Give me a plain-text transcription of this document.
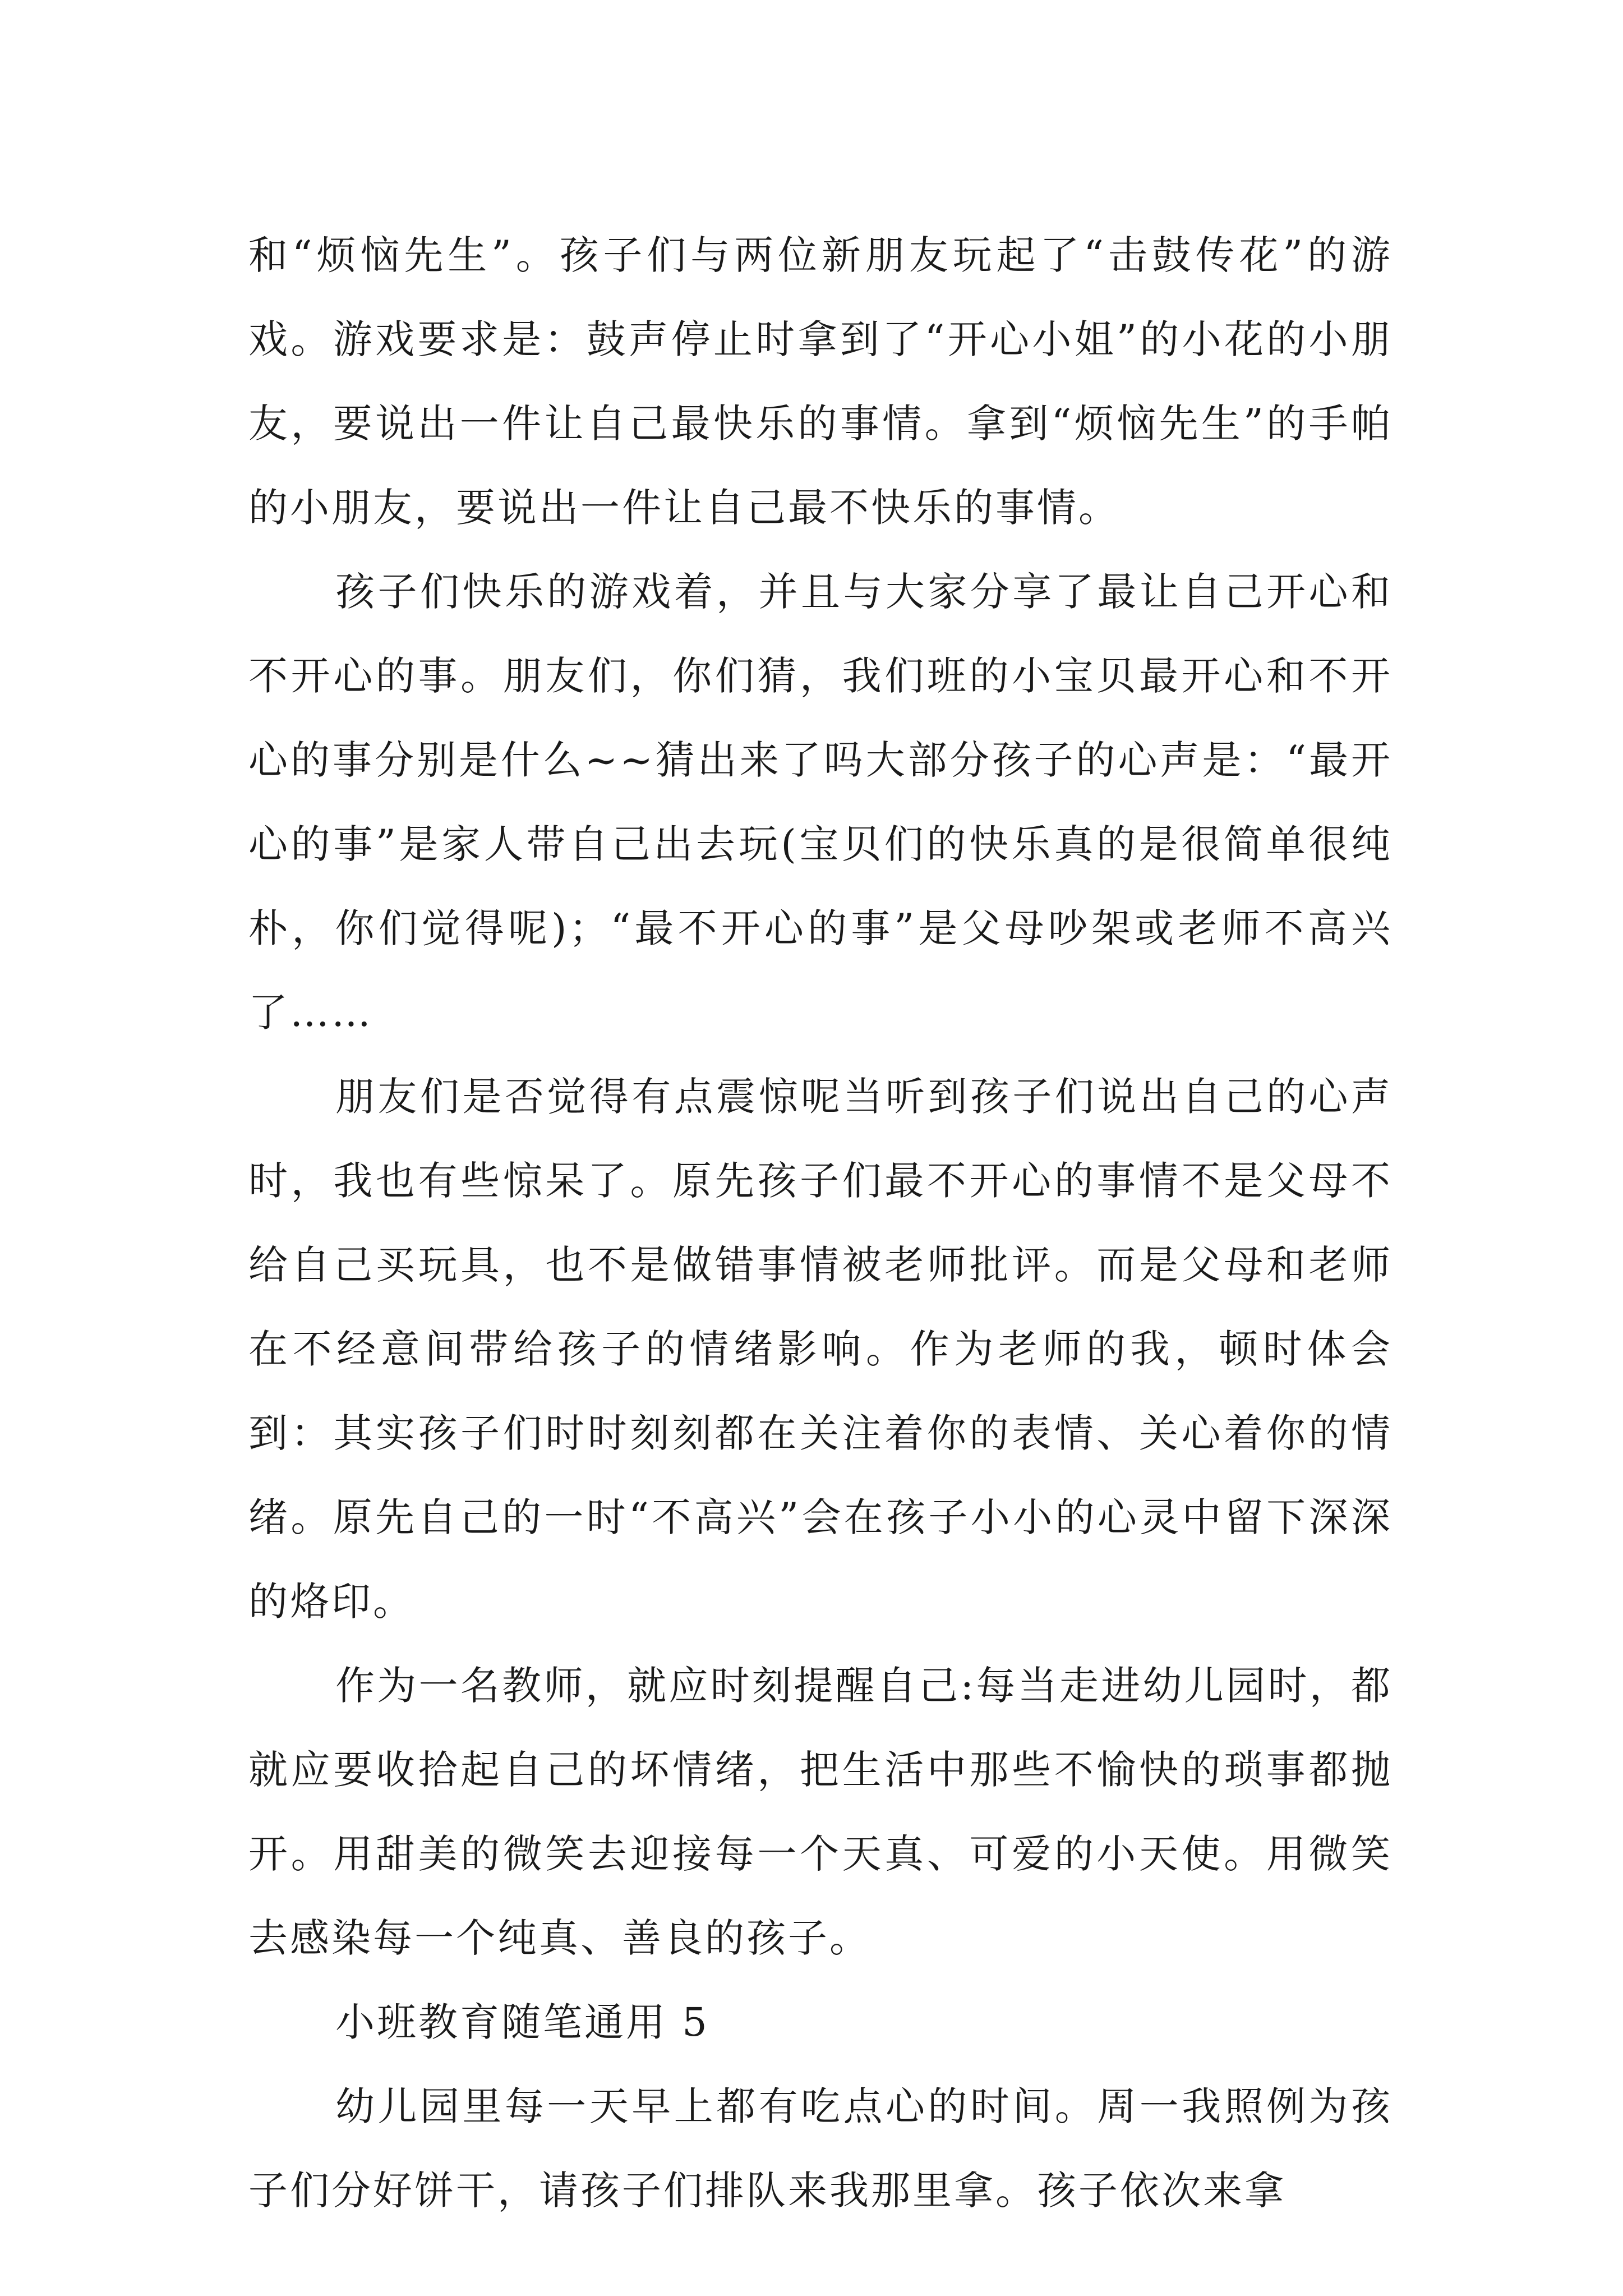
和“烦恼先生”。孩子们与两位新朋友玩起了“击鼓传花”的游戏。游戏要求是：鼓声停止时拿到了“开心小姐”的小花的小朋友，要说出一件让自己最快乐的事情。拿到“烦恼先生”的手帕的小朋友，要说出一件让自己最不快乐的事情。

孩子们快乐的游戏着，并且与大家分享了最让自己开心和不开心的事。朋友们，你们猜，我们班的小宝贝最开心和不开心的事分别是什么~~猜出来了吗大部分孩子的心声是：“最开心的事”是家人带自己出去玩(宝贝们的快乐真的是很简单很纯朴，你们觉得呢)；“最不开心的事”是父母吵架或老师不高兴了……

朋友们是否觉得有点震惊呢当听到孩子们说出自己的心声时，我也有些惊呆了。原先孩子们最不开心的事情不是父母不给自己买玩具，也不是做错事情被老师批评。而是父母和老师在不经意间带给孩子的情绪影响。作为老师的我，顿时体会到：其实孩子们时时刻刻都在关注着你的表情、关心着你的情绪。原先自己的一时“不高兴”会在孩子小小的心灵中留下深深的烙印。

作为一名教师，就应时刻提醒自己:每当走进幼儿园时，都就应要收拾起自己的坏情绪，把生活中那些不愉快的琐事都抛开。用甜美的微笑去迎接每一个天真、可爱的小天使。用微笑去感染每一个纯真、善良的孩子。

小班教育随笔通用 5

幼儿园里每一天早上都有吃点心的时间。周一我照例为孩子们分好饼干，请孩子们排队来我那里拿。孩子依次来拿
